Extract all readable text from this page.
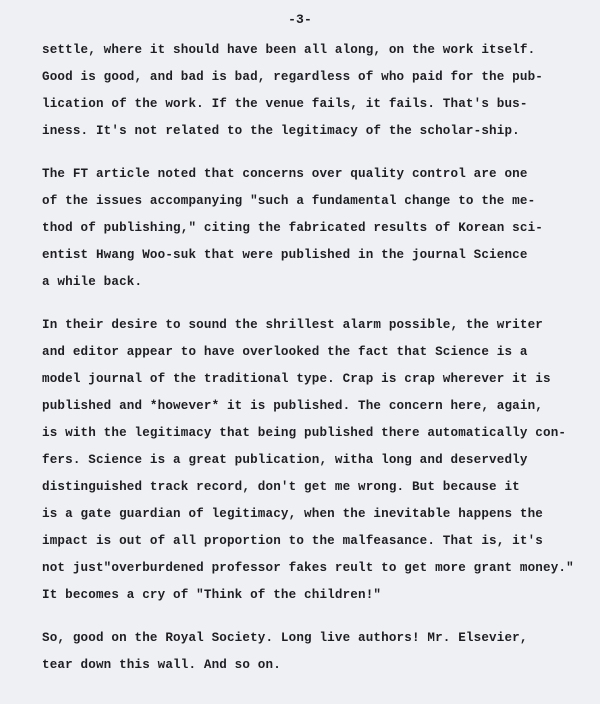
-3-
settle, where it should have been all along, on the work itself.
Good is good, and bad is bad, regardless of who paid for the pub-
lication of the work. If the venue fails, it fails. That's bus-
iness. It's not related to the legitimacy of the scholar-ship.
The FT article noted that concerns over quality control are one
of the issues accompanying "such a fundamental change to the me-
thod of publishing," citing the fabricated results of Korean sci-
entist Hwang Woo-suk that were published in the journal Science
a while back.
In their desire to sound the shrillest alarm possible, the writer
and editor appear to have overlooked the fact that Science is a
model journal of the traditional type. Crap is crap wherever it is
published and *however* it is published. The concern here, again,
is with the legitimacy that being published there automatically con-
fers. Science is a great publication, witha long and deservedly
distinguished track record, don't get me wrong. But because it
is a gate guardian of legitimacy, when the inevitable happens the
impact is out of all proportion to the malfeasance. That is, it's
not just"overburdened professor fakes reult to get more grant money."
It becomes a cry of "Think of the children!"
So, good on the Royal Society. Long live authors! Mr. Elsevier,
tear down this wall. And so on.
